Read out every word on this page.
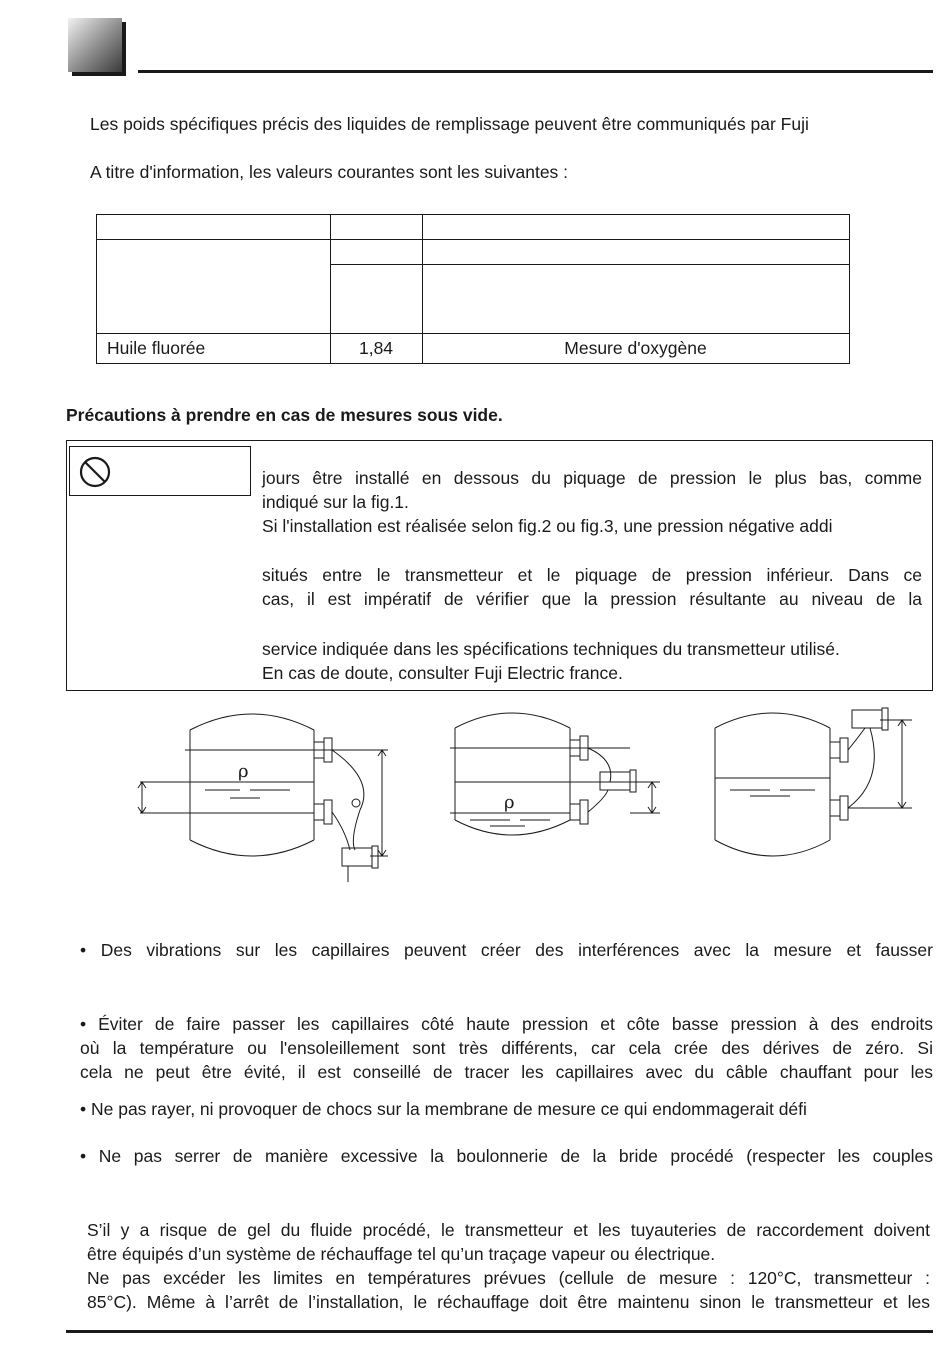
Les poids spécifiques précis des liquides de remplissage peuvent être communiqués par Fuji
A titre d'information, les valeurs courantes sont les suivantes :
Huile fluorée	1,84	Mesure d'oxygène
Précautions à prendre en cas de mesures sous vide.
jours être installé en dessous du piquage de pression le plus bas, comme
indiqué sur la fig.1.
Si l'installation est réalisée selon fig.2 ou fig.3, une pression négative addi
situés entre le transmetteur et le piquage de pression inférieur. Dans ce
cas, il est impératif de vérifier que la pression résultante au niveau de la
service indiquée dans les spécifications techniques du transmetteur utilisé.
En cas de doute, consulter Fuji Electric france.
ρ
ρ
• Des vibrations sur les capillaires peuvent créer des interférences avec la mesure et fausser
• Éviter de faire passer les capillaires côté haute pression et côte basse pression à des endroits
où la température ou l'ensoleillement sont très différents, car cela crée des dérives de zéro. Si
cela ne peut être évité, il est conseillé de tracer les capillaires avec du câble chauffant pour les
• Ne pas rayer, ni provoquer de chocs sur la membrane de mesure ce qui endommagerait défi
• Ne pas serrer de manière excessive la boulonnerie de la bride procédé (respecter les couples
S’il y a risque de gel du fluide procédé, le transmetteur et les tuyauteries de raccordement doivent
être équipés d’un système de réchauffage tel qu’un traçage vapeur ou électrique.
Ne pas excéder les limites en températures prévues (cellule de mesure : 120°C, transmetteur :
85°C). Même à l’arrêt de l’installation, le réchauffage doit être maintenu sinon le transmetteur et les
